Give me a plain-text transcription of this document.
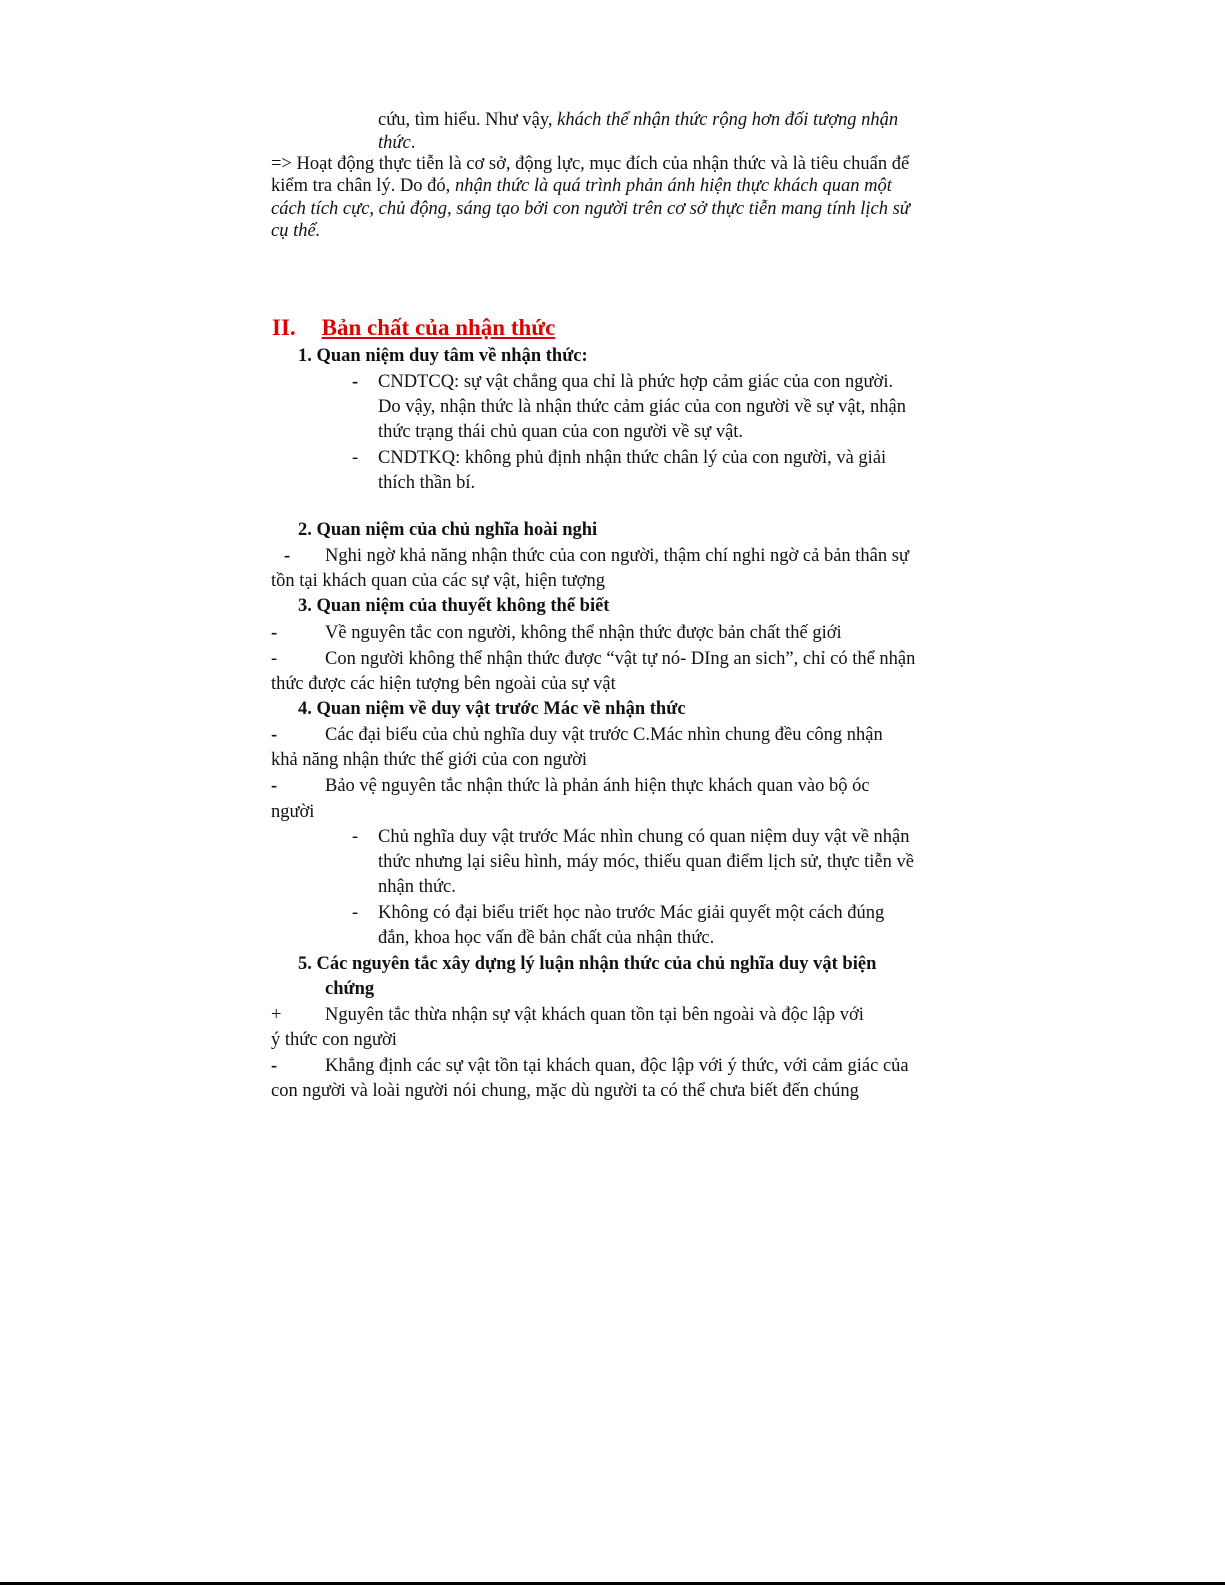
cứu, tìm hiểu. Như vậy, khách thể nhận thức rộng hơn đối tượng nhận
thức.
=> Hoạt động thực tiễn là cơ sở, động lực, mục đích của nhận thức và là tiêu chuẩn để
kiểm tra chân lý. Do đó, nhận thức là quá trình phản ánh hiện thực khách quan một
cách tích cực, chủ động, sáng tạo bởi con người trên cơ sở thực tiễn mang tính lịch sử
cụ thể.
II. Bản chất của nhận thức
1. Quan niệm duy tâm về nhận thức:
- CNDTCQ: sự vật chẳng qua chỉ là phức hợp cảm giác của con người.
Do vậy, nhận thức là nhận thức cảm giác của con người về sự vật, nhận
thức trạng thái chủ quan của con người về sự vật.
- CNDTKQ: không phủ định nhận thức chân lý của con người, và giải
thích thần bí.
2. Quan niệm của chủ nghĩa hoài nghi
- Nghi ngờ khả năng nhận thức của con người, thậm chí nghi ngờ cả bản thân sự
tồn tại khách quan của các sự vật, hiện tượng
3. Quan niệm của thuyết không thể biết
-	Về nguyên tắc con người, không thể nhận thức được bản chất thế giới
-	Con người không thể nhận thức được “vật tự nó- DIng an sich”, chỉ có thể nhận
thức được các hiện tượng bên ngoài của sự vật
4. Quan niệm về duy vật trước Mác về nhận thức
-	Các đại biểu của chủ nghĩa duy vật trước C.Mác nhìn chung đều công nhận
khả năng nhận thức thế giới của con người
-	Bảo vệ nguyên tắc nhận thức là phản ánh hiện thực khách quan vào bộ óc
người
- Chủ nghĩa duy vật trước Mác nhìn chung có quan niệm duy vật về nhận
thức nhưng lại siêu hình, máy móc, thiếu quan điểm lịch sử, thực tiễn về
nhận thức.
- Không có đại biểu triết học nào trước Mác giải quyết một cách đúng
đắn, khoa học vấn đề bản chất của nhận thức.
5. Các nguyên tắc xây dựng lý luận nhận thức của chủ nghĩa duy vật biện
chứng
+ Nguyên tắc thừa nhận sự vật khách quan tồn tại bên ngoài và độc lập với
ý thức con người
-	Khẳng định các sự vật tồn tại khách quan, độc lập với ý thức, với cảm giác của
con người và loài người nói chung, mặc dù người ta có thể chưa biết đến chúng
